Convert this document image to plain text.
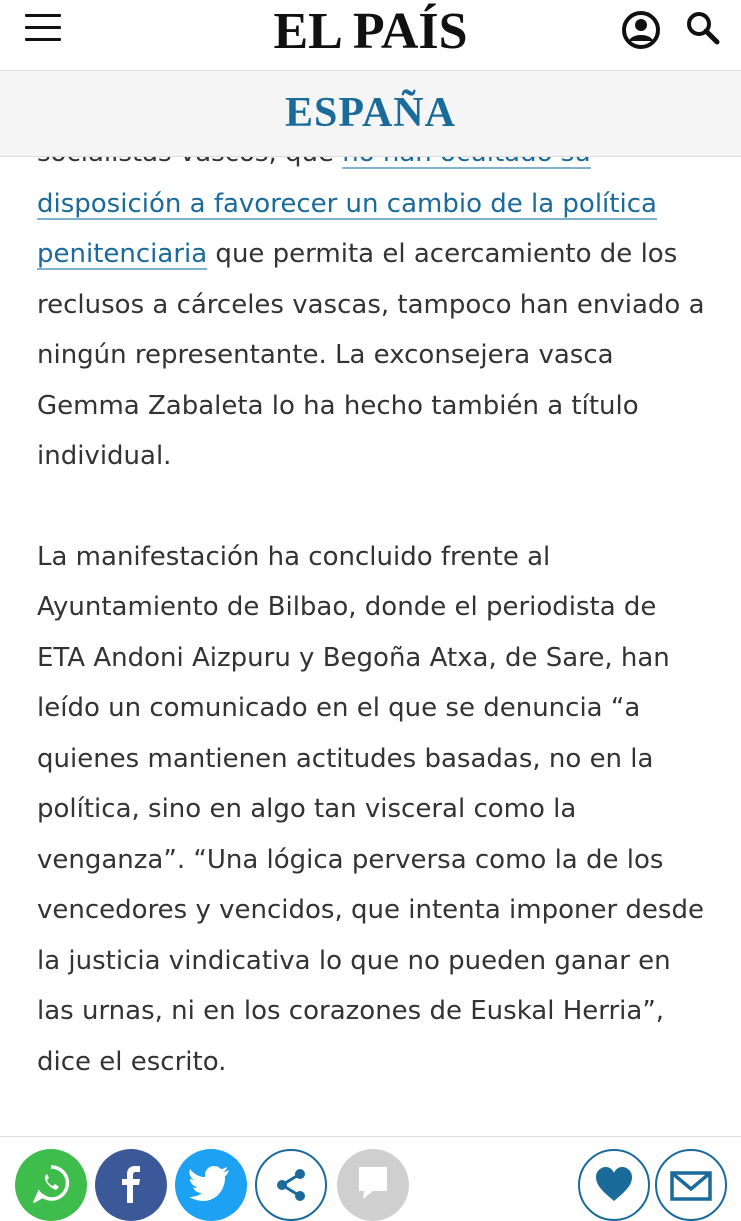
EL PAÍS
ESPAÑA

disposición a favorecer un cambio de la política penitenciaria que permita el acercamiento de los reclusos a cárceles vascas, tampoco han enviado a ningún representante. La exconsejera vasca Gemma Zabaleta lo ha hecho también a título individual.

La manifestación ha concluido frente al Ayuntamiento de Bilbao, donde el periodista de ETA Andoni Aizpuru y Begoña Atxa, de Sare, han leído un comunicado en el que se denuncia “a quienes mantienen actitudes basadas, no en la política, sino en algo tan visceral como la venganza”. “Una lógica perversa como la de los vencedores y vencidos, que intenta imponer desde la justicia vindicativa lo que no pueden ganar en las urnas, ni en los corazones de Euskal Herria”, dice el escrito.
